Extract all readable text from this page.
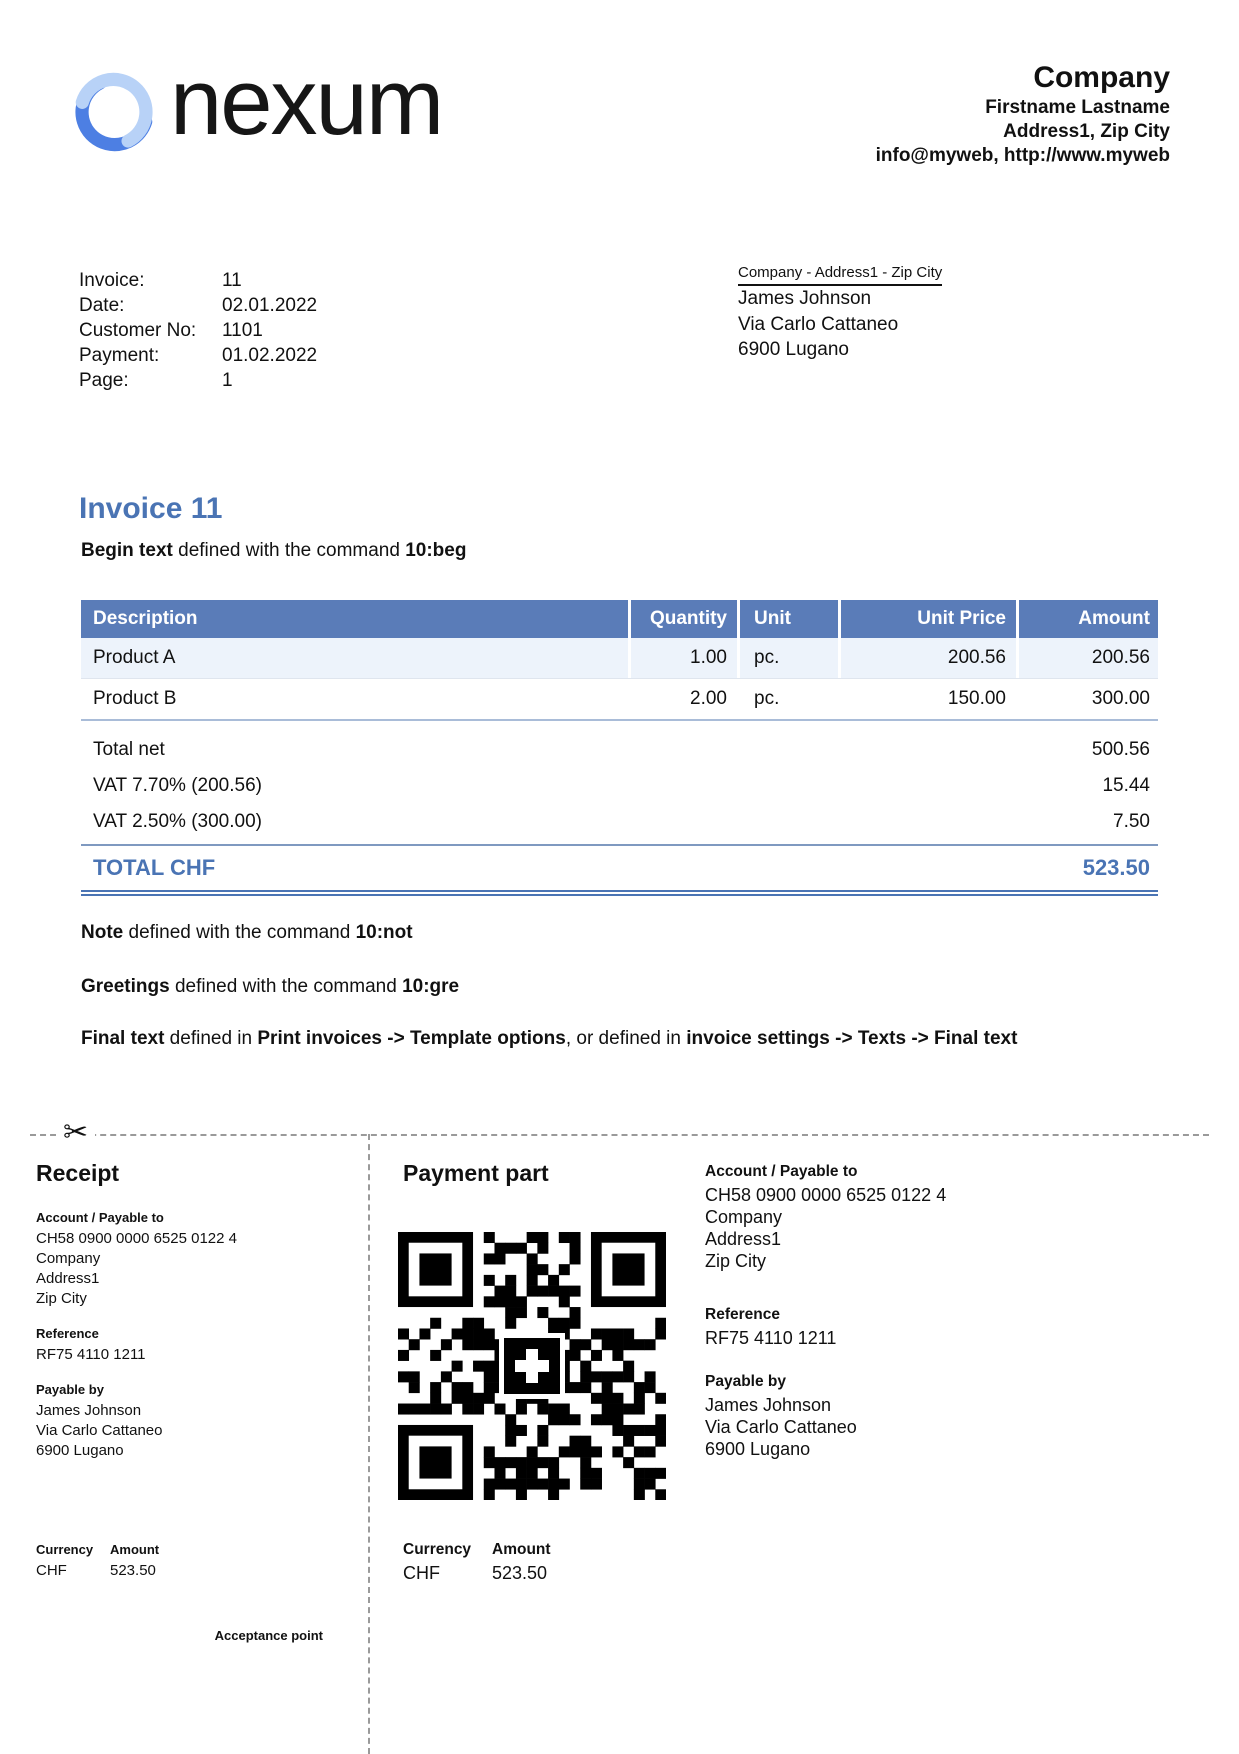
nexum	Company
Firstname Lastname
Address1, Zip City
info@myweb, http://www.myweb
Invoice:	11
Date:	02.01.2022
Customer No:	1101
Payment:	01.02.2022
Page:	1
Company - Address1 - Zip City
James Johnson
Via Carlo Cattaneo
6900 Lugano
Invoice 11
Begin text defined with the command 10:beg
Description	Quantity	Unit	Unit Price	Amount
Product A	1.00	pc.	200.56	200.56
Product B	2.00	pc.	150.00	300.00
Total net	500.56
VAT 7.70% (200.56)	15.44
VAT 2.50% (300.00)	7.50
TOTAL CHF	523.50
Note defined with the command 10:not
Greetings defined with the command 10:gre
Final text defined in Print invoices -> Template options, or defined in invoice settings -> Texts -> Final text
✂
Receipt
Account / Payable to
CH58 0900 0000 6525 0122 4
Company
Address1
Zip City
Reference
RF75 4110 1211
Payable by
James Johnson
Via Carlo Cattaneo
6900 Lugano
Currency	Amount
CHF	523.50
Acceptance point
Payment part	Account / Payable to
CH58 0900 0000 6525 0122 4
Company
Address1
Zip City
Reference
RF75 4110 1211
Payable by
James Johnson
Via Carlo Cattaneo
6900 Lugano
Currency	Amount
CHF	523.50
